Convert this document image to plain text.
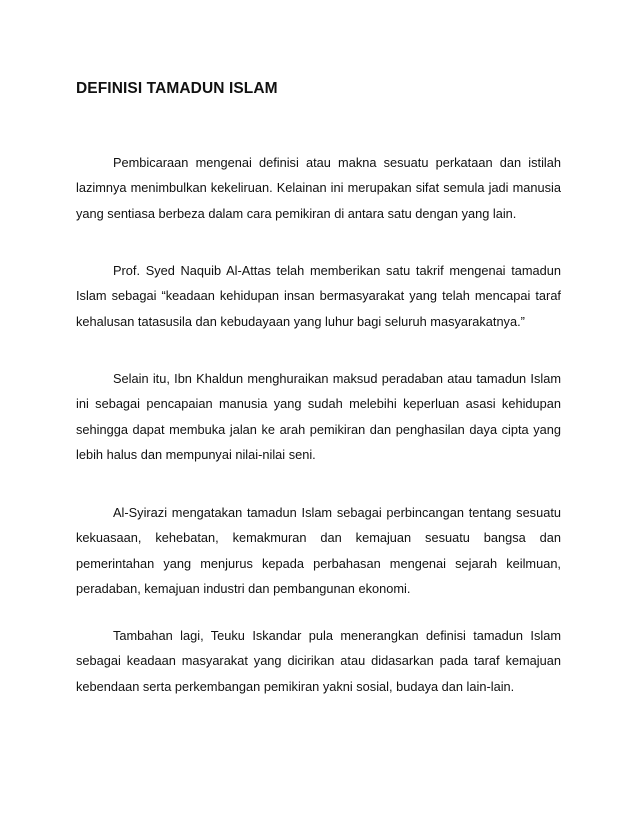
DEFINISI TAMADUN ISLAM

Pembicaraan mengenai definisi atau makna sesuatu perkataan dan istilah lazimnya menimbulkan kekeliruan. Kelainan ini merupakan sifat semula jadi manusia yang sentiasa berbeza dalam cara pemikiran di antara satu dengan yang lain.

Prof. Syed Naquib Al-Attas telah memberikan satu takrif mengenai tamadun Islam sebagai “keadaan kehidupan insan bermasyarakat yang telah mencapai taraf kehalusan tatasusila dan kebudayaan yang luhur bagi seluruh masyarakatnya.”

Selain itu, Ibn Khaldun menghuraikan maksud peradaban atau tamadun Islam ini sebagai pencapaian manusia yang sudah melebihi keperluan asasi kehidupan sehingga dapat membuka jalan ke arah pemikiran dan penghasilan daya cipta yang lebih halus dan mempunyai nilai-nilai seni.

Al-Syirazi mengatakan tamadun Islam sebagai perbincangan tentang sesuatu kekuasaan, kehebatan, kemakmuran dan kemajuan sesuatu bangsa dan pemerintahan yang menjurus kepada perbahasan mengenai sejarah keilmuan, peradaban, kemajuan industri dan pembangunan ekonomi.

Tambahan lagi, Teuku Iskandar pula menerangkan definisi tamadun Islam sebagai keadaan masyarakat yang dicirikan atau didasarkan pada taraf kemajuan kebendaan serta perkembangan pemikiran yakni sosial, budaya dan lain-lain.
